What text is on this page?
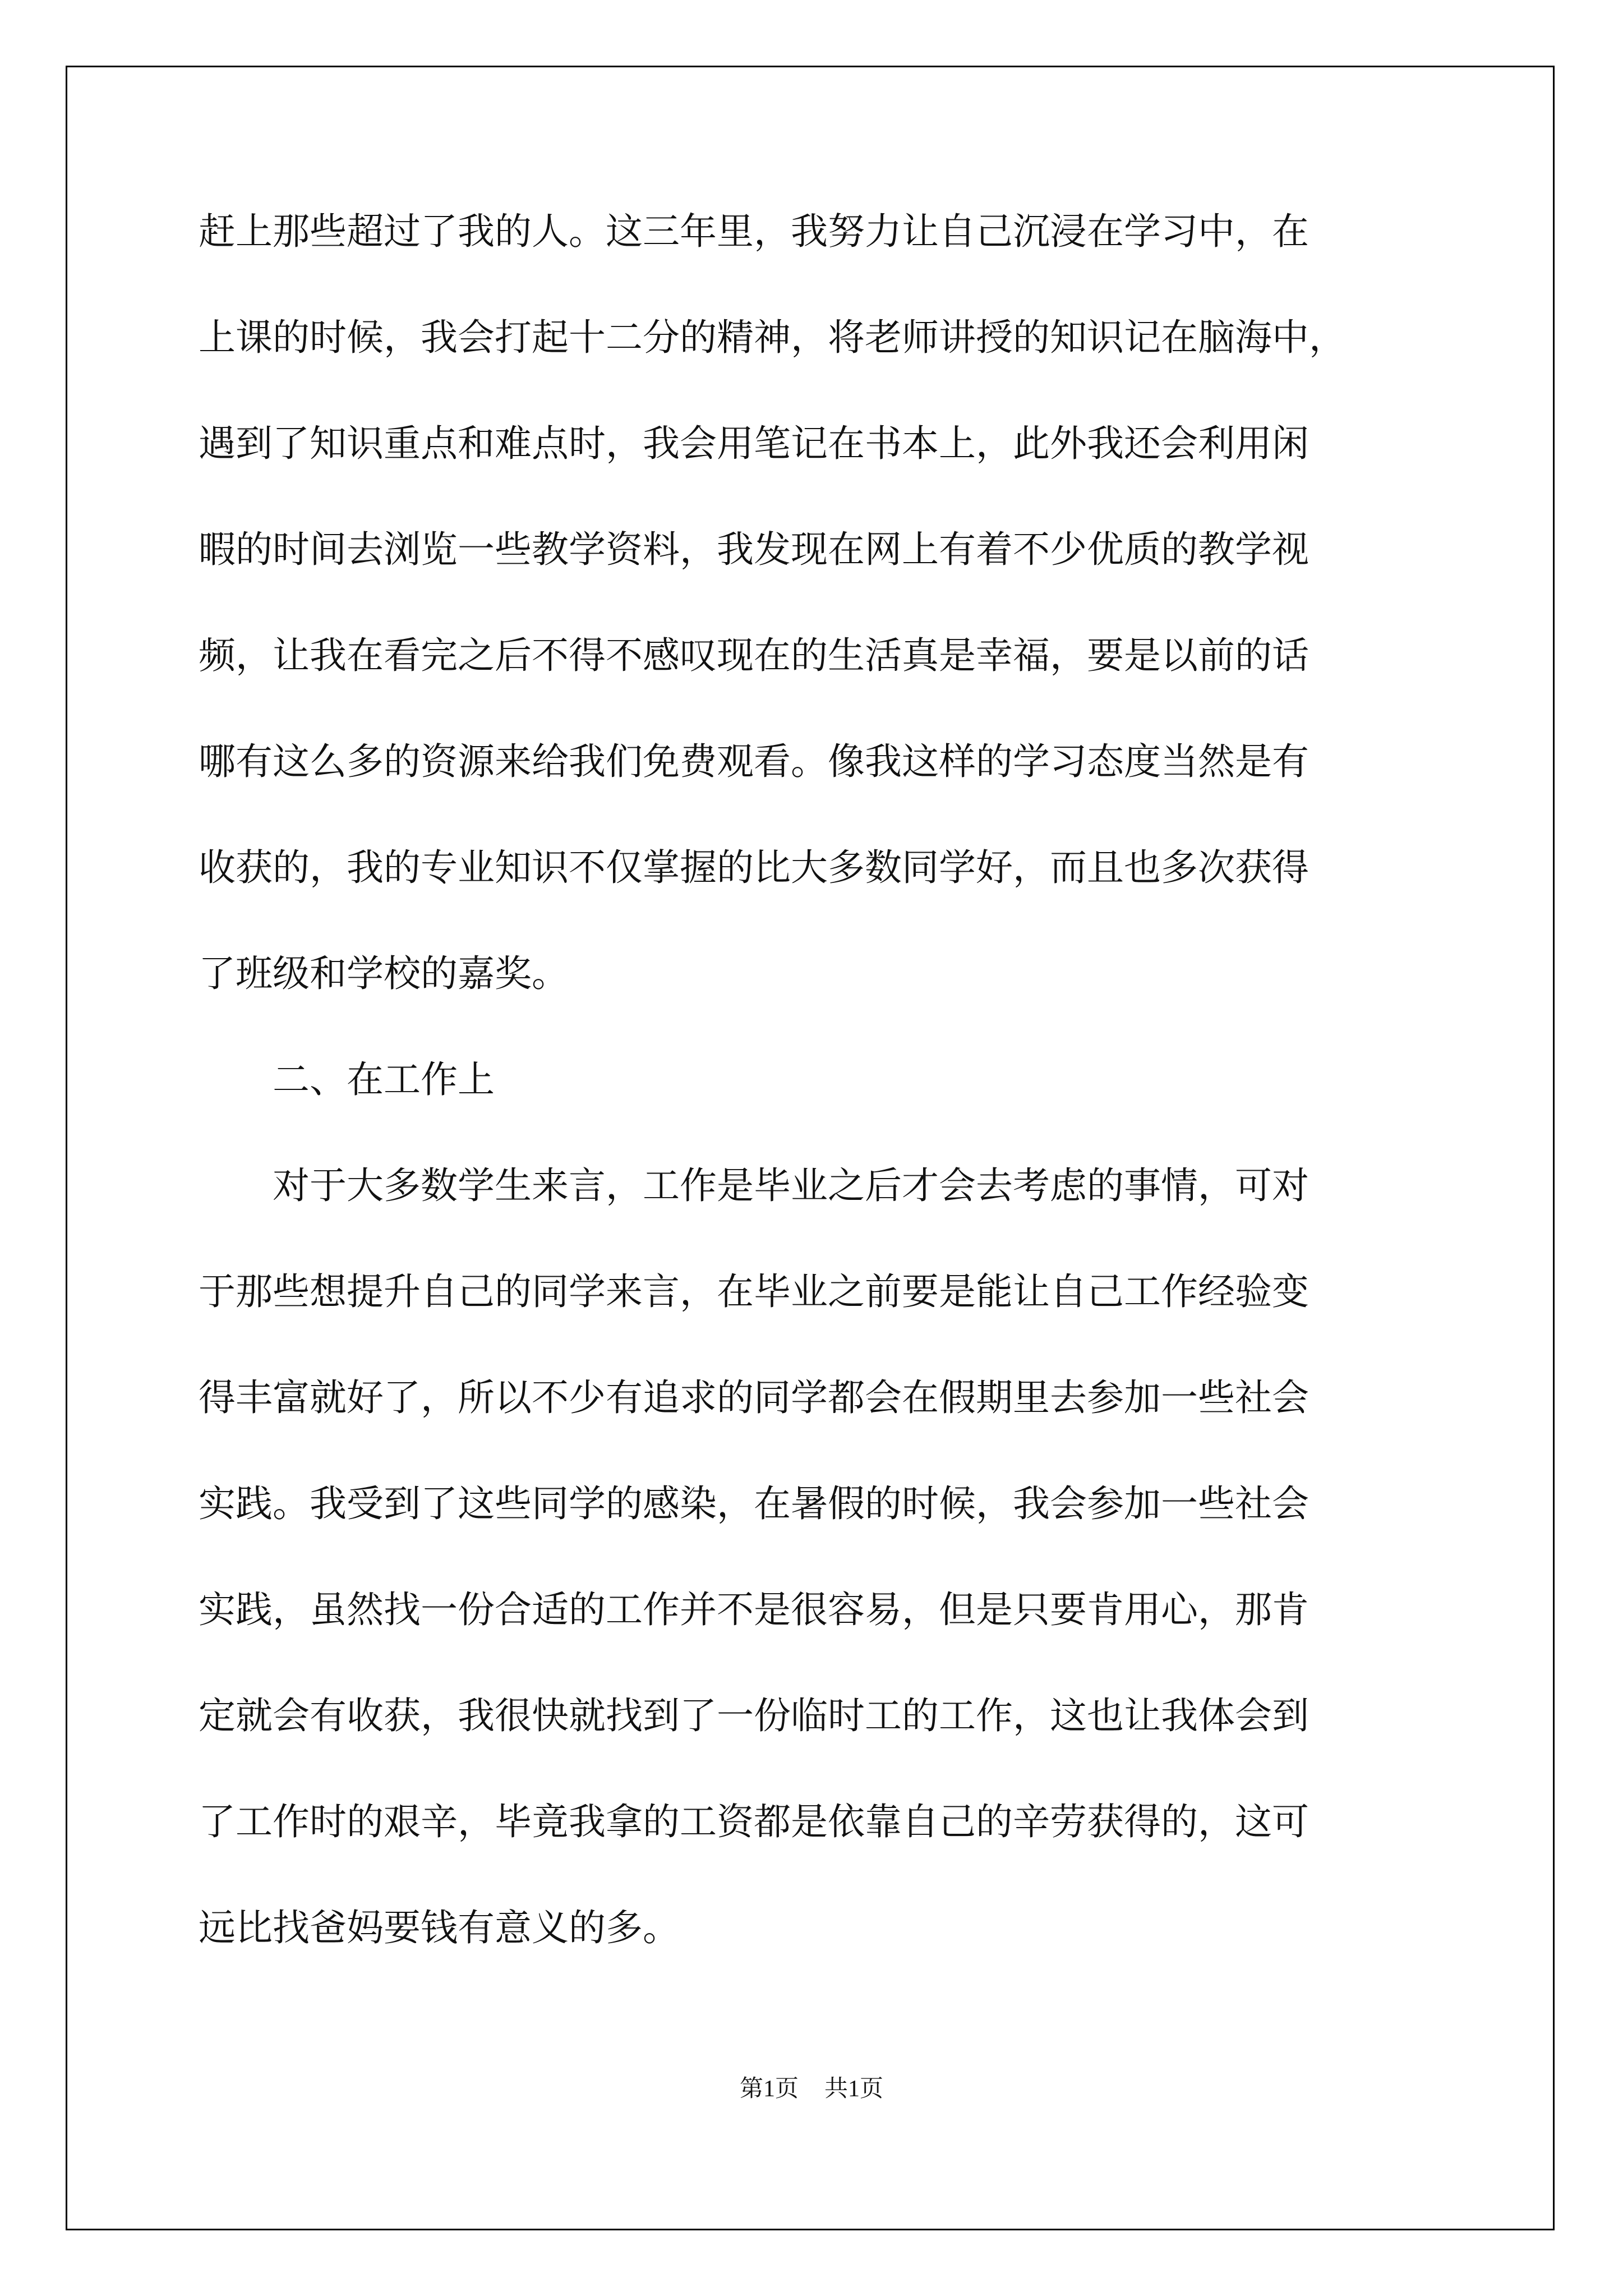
赶上那些超过了我的人。这三年里，我努力让自己沉浸在学习中，在
上课的时候，我会打起十二分的精神，将老师讲授的知识记在脑海中，
遇到了知识重点和难点时，我会用笔记在书本上，此外我还会利用闲
暇的时间去浏览一些教学资料，我发现在网上有着不少优质的教学视
频，让我在看完之后不得不感叹现在的生活真是幸福，要是以前的话
哪有这么多的资源来给我们免费观看。像我这样的学习态度当然是有
收获的，我的专业知识不仅掌握的比大多数同学好，而且也多次获得
了班级和学校的嘉奖。
二、在工作上
对于大多数学生来言，工作是毕业之后才会去考虑的事情，可对
于那些想提升自己的同学来言，在毕业之前要是能让自己工作经验变
得丰富就好了，所以不少有追求的同学都会在假期里去参加一些社会
实践。我受到了这些同学的感染，在暑假的时候，我会参加一些社会
实践，虽然找一份合适的工作并不是很容易，但是只要肯用心，那肯
定就会有收获，我很快就找到了一份临时工的工作，这也让我体会到
了工作时的艰辛，毕竟我拿的工资都是依靠自己的辛劳获得的，这可
远比找爸妈要钱有意义的多。
第1页 共1页
